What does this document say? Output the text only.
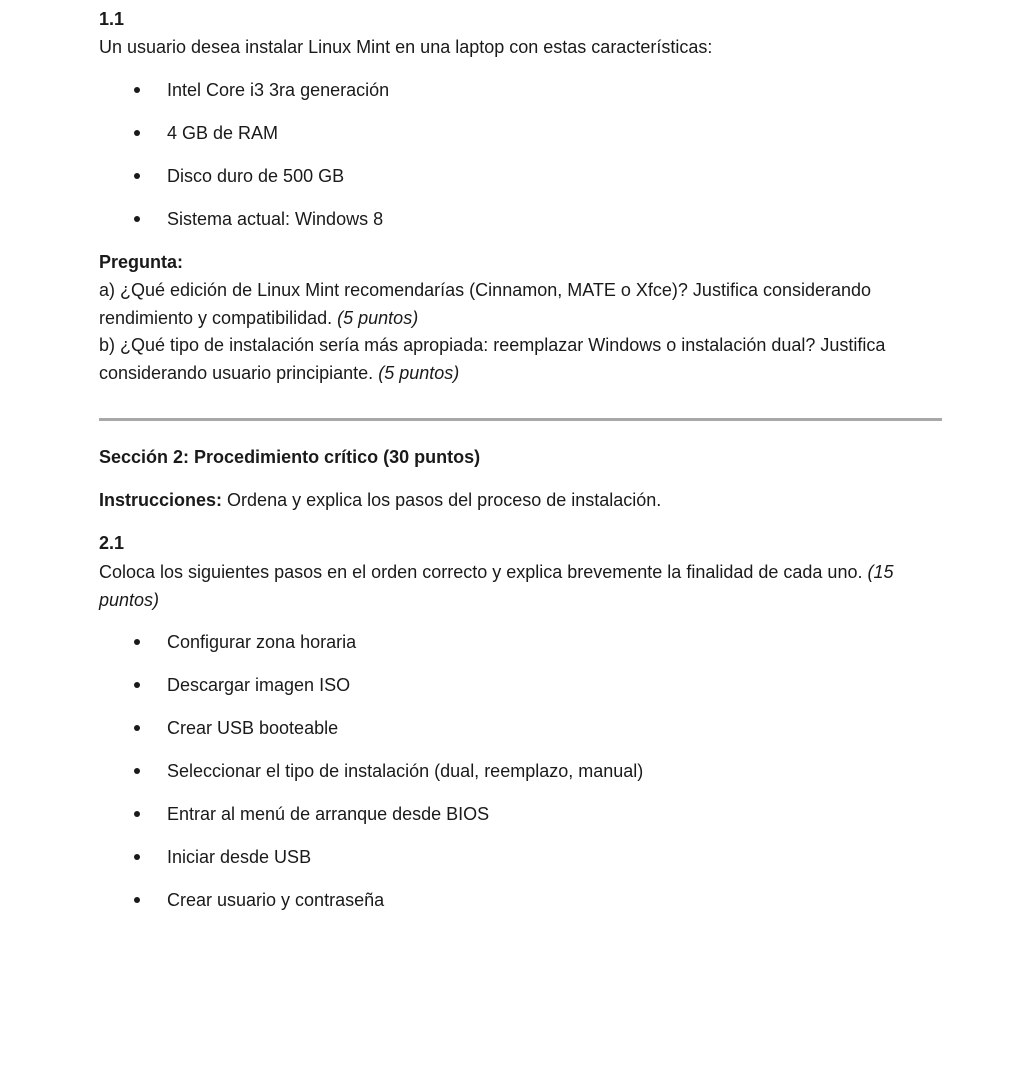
1.1
Un usuario desea instalar Linux Mint en una laptop con estas características:
Intel Core i3 3ra generación
4 GB de RAM
Disco duro de 500 GB
Sistema actual: Windows 8
Pregunta:
a) ¿Qué edición de Linux Mint recomendarías (Cinnamon, MATE o Xfce)? Justifica considerando
rendimiento y compatibilidad. (5 puntos)
b) ¿Qué tipo de instalación sería más apropiada: reemplazar Windows o instalación dual? Justifica
considerando usuario principiante. (5 puntos)
Sección 2: Procedimiento crítico (30 puntos)
Instrucciones: Ordena y explica los pasos del proceso de instalación.
2.1
Coloca los siguientes pasos en el orden correcto y explica brevemente la finalidad de cada uno. (15
puntos)
Configurar zona horaria
Descargar imagen ISO
Crear USB booteable
Seleccionar el tipo de instalación (dual, reemplazo, manual)
Entrar al menú de arranque desde BIOS
Iniciar desde USB
Crear usuario y contraseña
